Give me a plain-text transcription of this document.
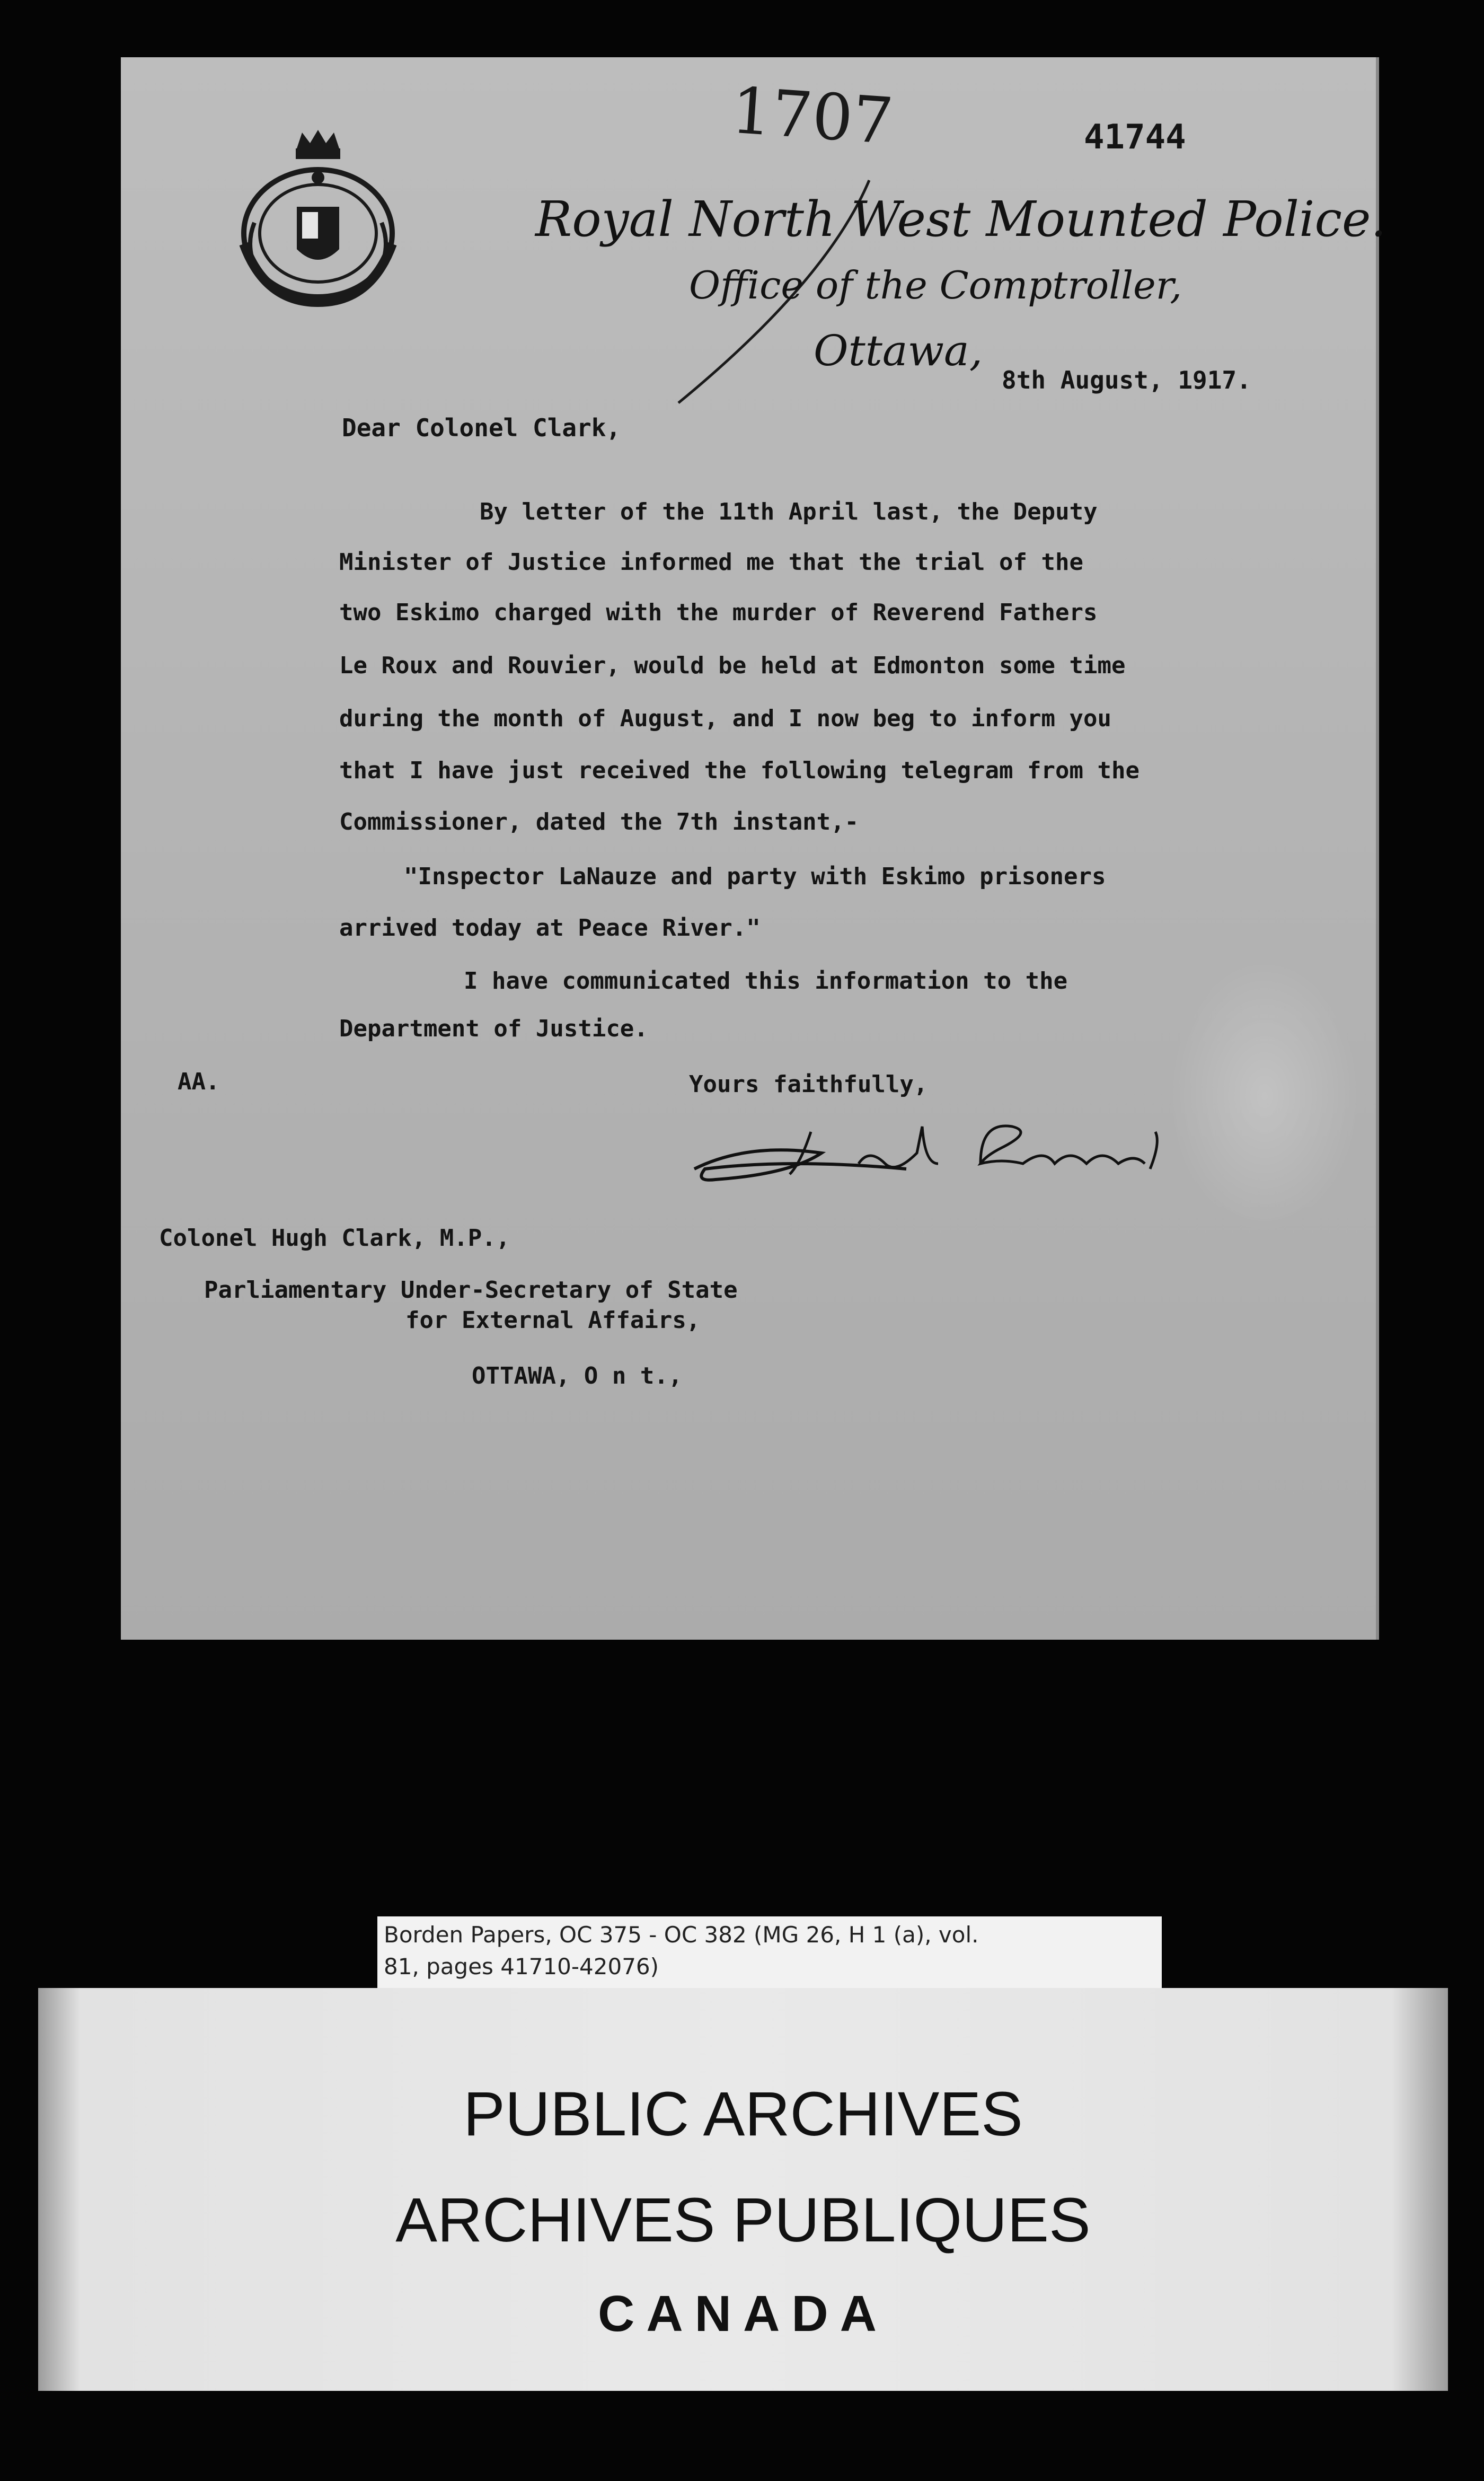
1707	41744
Royal North West Mounted Police.
Office of the Comptroller,
Ottawa,
8th August, 1917.
Dear Colonel Clark,
By letter of the 11th April last, the Deputy
Minister of Justice informed me that the trial of the
two Eskimo charged with the murder of Reverend Fathers
Le Roux and Rouvier, would be held at Edmonton some time
during the month of August, and I now beg to inform you
that I have just received the following telegram from the
Commissioner, dated the 7th instant,-
"Inspector LaNauze and party with Eskimo prisoners
arrived today at Peace River."
I have communicated this information to the
Department of Justice.
AA.	Yours faithfully,
Colonel Hugh Clark, M.P.,
Parliamentary Under-Secretary of State
for External Affairs,
OTTAWA, O n t.,
Borden Papers, OC 375 - OC 382 (MG 26, H 1 (a), vol.
81, pages 41710-42076)
PUBLIC ARCHIVES
ARCHIVES PUBLIQUES
CANADA
